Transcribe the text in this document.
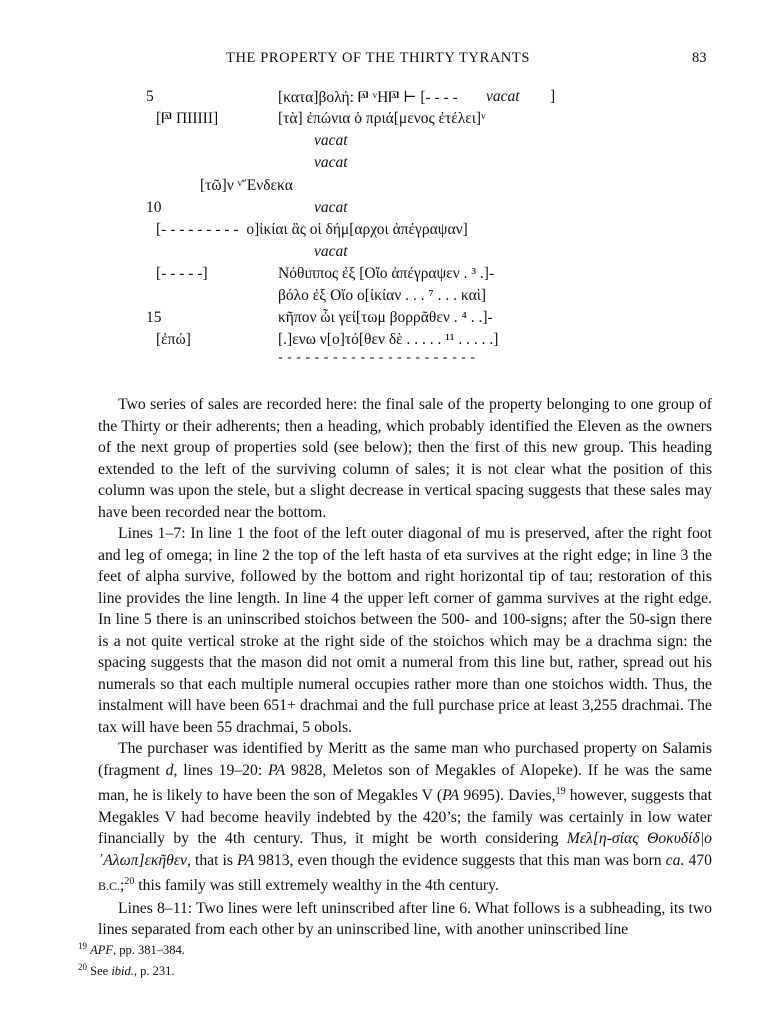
THE PROPERTY OF THE THIRTY TYRANTS	83
5	[κατα]βολή: 𐅄 ᵛΗ𐅄 ⊢ [- - - - vacat ]
[𐅄 ΠΙΙΙΙΙ]	[τὰ] ἐπώνια ὁ πριά[μενος ἐτέλει]ᵛ
vacat
vacat
[τῶ]ν ᵛἝνδεκα
10	vacat
[- - - - - - - - -  ο]ἰκίαι ἃς οἱ δήμ[αρχοι ἀπέγραψαν]
vacat
[- - - - -]	Νόθιππος ἐξ [Οἴο ἀπέγραψεν . ³ .]-
βόλο ἐξ Οἴο ο[ἰκίαν . . . ⁷ . . . καὶ]
15	κῆπον ὧι γεί[τωμ βορρᾶθεν . ⁴ . .]-
[ἐπώ]	[.]ενω ν[ο]τό[θεν δὲ . . . . . ¹¹ . . . . .]
- - - - - - - - - - - - - - - - - - - - - -

Two series of sales are recorded here: the final sale of the property belonging to one group of the Thirty or their adherents; then a heading, which probably identified the Eleven as the owners of the next group of properties sold (see below); then the first of this new group. This heading extended to the left of the surviving column of sales; it is not clear what the position of this column was upon the stele, but a slight decrease in vertical spacing suggests that these sales may have been recorded near the bottom.

Lines 1–7: In line 1 the foot of the left outer diagonal of mu is preserved, after the right foot and leg of omega; in line 2 the top of the left hasta of eta survives at the right edge; in line 3 the feet of alpha survive, followed by the bottom and right horizontal tip of tau; restoration of this line provides the line length. In line 4 the upper left corner of gamma survives at the right edge. In line 5 there is an uninscribed stoichos between the 500- and 100-signs; after the 50-sign there is a not quite vertical stroke at the right side of the stoichos which may be a drachma sign: the spacing suggests that the mason did not omit a numeral from this line but, rather, spread out his numerals so that each multiple numeral occupies rather more than one stoichos width. Thus, the instalment will have been 651+ drachmai and the full purchase price at least 3,255 drachmai. The tax will have been 55 drachmai, 5 obols.

The purchaser was identified by Meritt as the same man who purchased property on Salamis (fragment d, lines 19–20: PA 9828, Meletos son of Megakles of Alopeke). If he was the same man, he is likely to have been the son of Megakles V (PA 9695). Davies,$^{19}$ however, suggests that Megakles V had become heavily indebted by the 420’s; the family was certainly in low water financially by the 4th century. Thus, it might be worth considering Μελ[η-σίας Θοκυδίδ|ο ᾿Αλωπ]εκῆθεν, that is PA 9813, even though the evidence suggests that this man was born ca. 470 B.C.;$^{20}$ this family was still extremely wealthy in the 4th century.

Lines 8–11: Two lines were left uninscribed after line 6. What follows is a subheading, its two lines separated from each other by an uninscribed line, with another uninscribed line

$^{19}$ APF, pp. 381–384.
$^{20}$ See ibid., p. 231.
